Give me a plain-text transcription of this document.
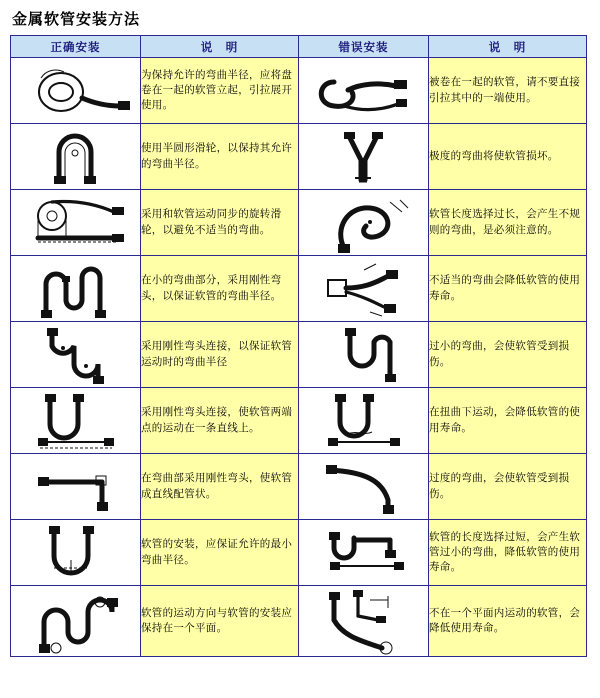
金属软管安装方法
正确安装	说　明	错误安装	说　明

	为保持允许的弯曲半径，应将盘卷在一起的软管立起，引拉展开使用。		被卷在一起的软管，请不要直接引拉其中的一端使用。

	使用半圆形滑轮，以保持其允许的弯曲半径。		极度的弯曲将使软管损坏。

	采用和软管运动同步的旋转滑轮，以避免不适当的弯曲。		软管长度选择过长，会产生不规则的弯曲，是必须注意的。

	在小的弯曲部分，采用刚性弯头，以保证软管的弯曲半径。		不适当的弯曲会降低软管的使用寿命。

	采用刚性弯头连接，以保证软管运动时的弯曲半径		过小的弯曲，会使软管受到损伤。

	采用刚性弯头连接，使软管两端点的运动在一条直线上。		在扭曲下运动，会降低软管的使用寿命。

	在弯曲部采用刚性弯头，使软管成直线配管状。		过度的弯曲，会使软管受到损伤。

	软管的安装，应保证允许的最小弯曲半径。		软管的长度选择过短，会产生软管过小的弯曲，降低软管的使用寿命。

	软管的运动方向与软管的安装应保持在一个平面。		不在一个平面内运动的软管，会降低使用寿命。
